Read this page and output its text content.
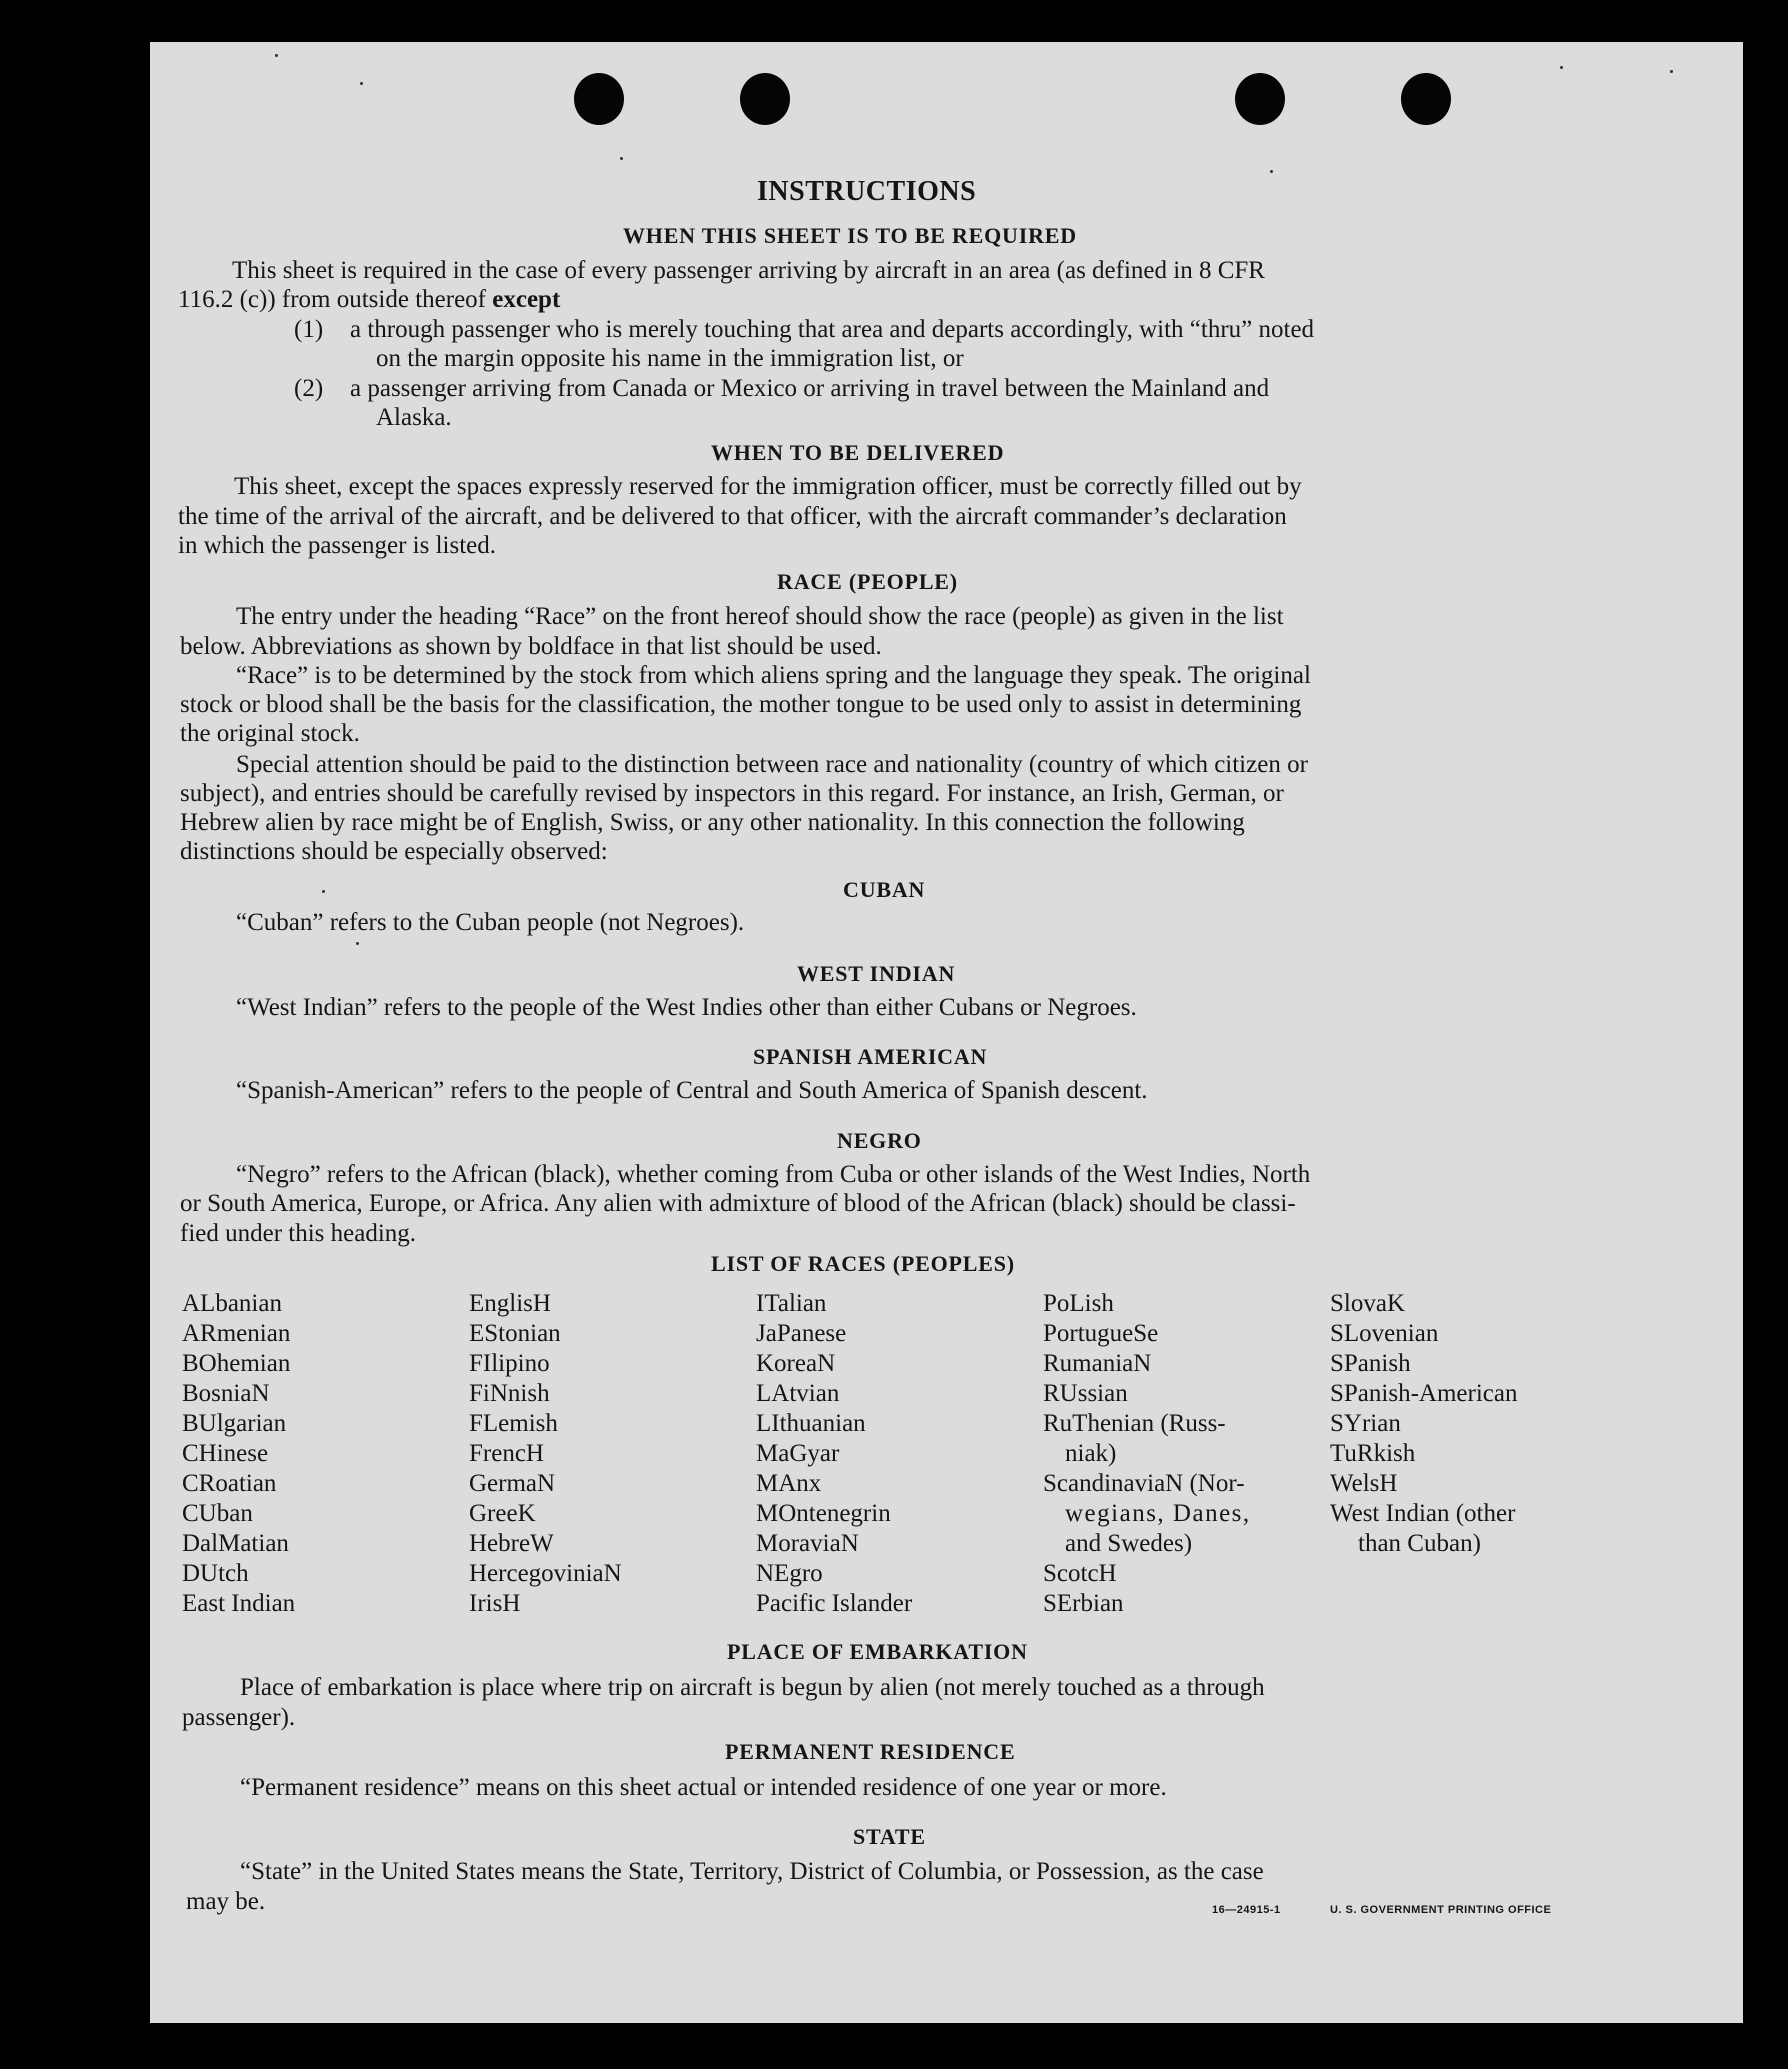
INSTRUCTIONS
WHEN THIS SHEET IS TO BE REQUIRED
This sheet is required in the case of every passenger arriving by aircraft in an area (as defined in 8 CFR
116.2 (c)) from outside thereof except
(1) a through passenger who is merely touching that area and departs accordingly, with “thru” noted
on the margin opposite his name in the immigration list, or
(2) a passenger arriving from Canada or Mexico or arriving in travel between the Mainland and
Alaska.
WHEN TO BE DELIVERED
This sheet, except the spaces expressly reserved for the immigration officer, must be correctly filled out by
the time of the arrival of the aircraft, and be delivered to that officer, with the aircraft commander’s declaration
in which the passenger is listed.
RACE (PEOPLE)
The entry under the heading “Race” on the front hereof should show the race (people) as given in the list
below. Abbreviations as shown by boldface in that list should be used.
“Race” is to be determined by the stock from which aliens spring and the language they speak. The original
stock or blood shall be the basis for the classification, the mother tongue to be used only to assist in determining
the original stock.
Special attention should be paid to the distinction between race and nationality (country of which citizen or
subject), and entries should be carefully revised by inspectors in this regard. For instance, an Irish, German, or
Hebrew alien by race might be of English, Swiss, or any other nationality. In this connection the following
distinctions should be especially observed:
CUBAN
“Cuban” refers to the Cuban people (not Negroes).
WEST INDIAN
“West Indian” refers to the people of the West Indies other than either Cubans or Negroes.
SPANISH AMERICAN
“Spanish-American” refers to the people of Central and South America of Spanish descent.
NEGRO
“Negro” refers to the African (black), whether coming from Cuba or other islands of the West Indies, North
or South America, Europe, or Africa. Any alien with admixture of blood of the African (black) should be classi-
fied under this heading.
LIST OF RACES (PEOPLES)
ALbanian
ARmenian
BOhemian
BosniaN
BUlgarian
CHinese
CRoatian
CUban
DalMatian
DUtch
East Indian
EnglisH
EStonian
FIlipino
FiNnish
FLemish
FrencH
GermaN
GreeK
HebreW
HercegoviniaN
IrisH
ITalian
JaPanese
KoreaN
LAtvian
LIthuanian
MaGyar
MAnx
MOntenegrin
MoraviaN
NEgro
Pacific Islander
PoLish
PortugueSe
RumaniaN
RUssian
RuThenian (Russ-
niak)
ScandinaviaN (Nor-
wegians, Danes,
and Swedes)
ScotcH
SErbian
SlovaK
SLovenian
SPanish
SPanish-American
SYrian
TuRkish
WelsH
West Indian (other
than Cuban)
PLACE OF EMBARKATION
Place of embarkation is place where trip on aircraft is begun by alien (not merely touched as a through
passenger).
PERMANENT RESIDENCE
“Permanent residence” means on this sheet actual or intended residence of one year or more.
STATE
“State” in the United States means the State, Territory, District of Columbia, or Possession, as the case
may be.	16—24915-1	U. S. GOVERNMENT PRINTING OFFICE
